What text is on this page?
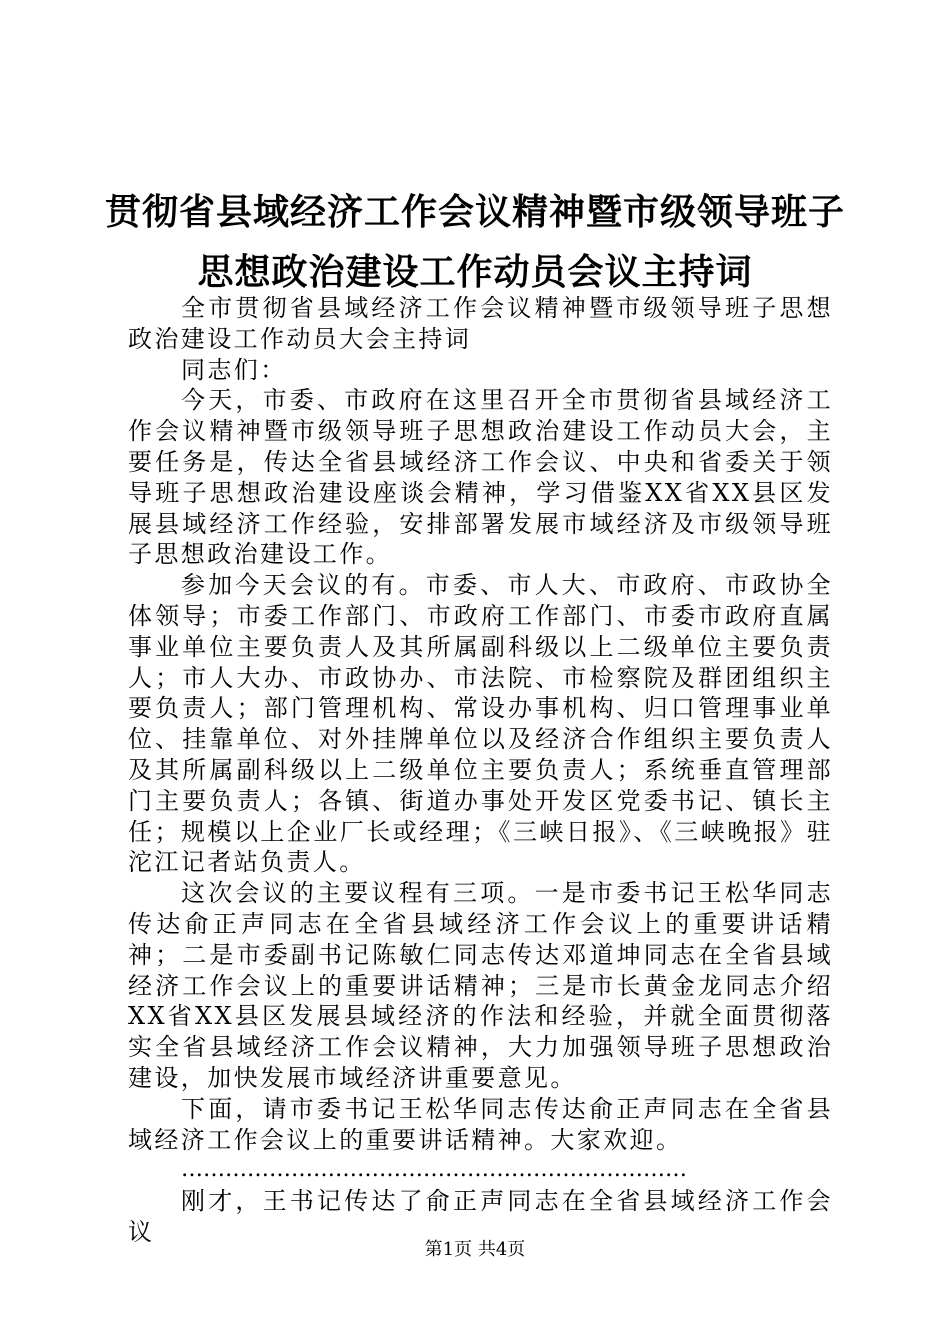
贯彻省县域经济工作会议精神暨市级领导班子
思想政治建设工作动员会议主持词

全市贯彻省县域经济工作会议精神暨市级领导班子思想政治建设工作动员大会主持词

同志们：

今天，市委、市政府在这里召开全市贯彻省县域经济工作会议精神暨市级领导班子思想政治建设工作动员大会，主要任务是，传达全省县域经济工作会议、中央和省委关于领导班子思想政治建设座谈会精神，学习借鉴XX省XX县区发展县域经济工作经验，安排部署发展市域经济及市级领导班子思想政治建设工作。

参加今天会议的有。市委、市人大、市政府、市政协全体领导；市委工作部门、市政府工作部门、市委市政府直属事业单位主要负责人及其所属副科级以上二级单位主要负责人；市人大办、市政协办、市法院、市检察院及群团组织主要负责人；部门管理机构、常设办事机构、归口管理事业单位、挂靠单位、对外挂牌单位以及经济合作组织主要负责人及其所属副科级以上二级单位主要负责人；系统垂直管理部门主要负责人；各镇、街道办事处开发区党委书记、镇长主任；规模以上企业厂长或经理；《三峡日报》、《三峡晚报》驻沱江记者站负责人。

这次会议的主要议程有三项。一是市委书记王松华同志传达俞正声同志在全省县域经济工作会议上的重要讲话精神；二是市委副书记陈敏仁同志传达邓道坤同志在全省县域经济工作会议上的重要讲话精神；三是市长黄金龙同志介绍XX省XX县区发展县域经济的作法和经验，并就全面贯彻落实全省县域经济工作会议精神，大力加强领导班子思想政治建设，加快发展市域经济讲重要意见。

下面，请市委书记王松华同志传达俞正声同志在全省县域经济工作会议上的重要讲话精神。大家欢迎。

……………………………………………………………

刚才，王书记传达了俞正声同志在全省县域经济工作会议

第1页 共4页
